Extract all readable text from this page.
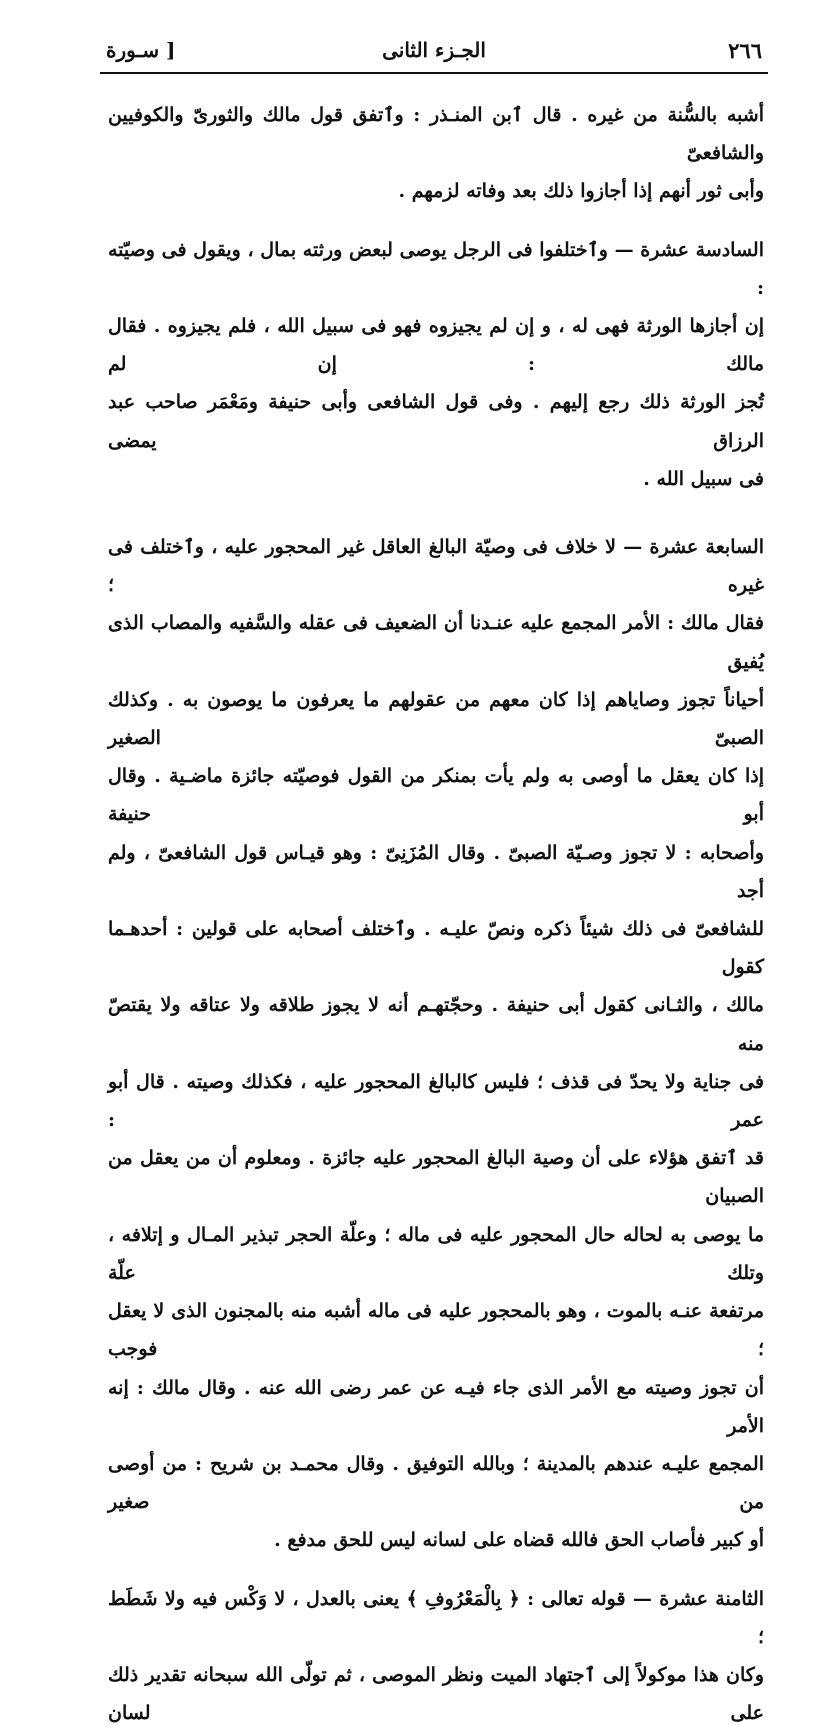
٢٦٦
الجـزء الثانى
[ سـورة

أشبه بالسُّنة من غيره . قال ٱبن المنـذر : وٱتفق قول مالك والثورىّ والكوفيين والشافعىّ
وأبى ثور أنهم إذا أجازوا ذلك بعد وفاته لزمهم .

السادسة عشرة — وٱختلفوا فى الرجل يوصى لبعض ورثته بمال ، ويقول فى وصيّته :
إن أجازها الورثة فهى له ، و إن لم يجيزوه فهو فى سبيل الله ، فلم يجيزوه . فقال مالك : إن لم
تُجز الورثة ذلك رجع إليهم . وفى قول الشافعى وأبى حنيفة ومَعْمَر صاحب عبد الرزاق يمضى
فى سبيل الله .

السابعة عشرة — لا خلاف فى وصيّة البالغ العاقل غير المحجور عليه ، وٱختلف فى غيره ؛
فقال مالك : الأمر المجمع عليه عنـدنا أن الضعيف فى عقله والسَّفيه والمصاب الذى يُفيق
أحياناً تجوز وصاياهم إذا كان معهم من عقولهم ما يعرفون ما يوصون به . وكذلك الصبىّ الصغير
إذا كان يعقل ما أوصى به ولم يأت بمنكر من القول فوصيّته جائزة ماضـية . وقال أبو حنيفة
وأصحابه : لا تجوز وصـيّة الصبىّ . وقال المُزَنِىّ : وهو قيـاس قول الشافعىّ ، ولم أجد
للشافعىّ فى ذلك شيئاً ذكره ونصّ عليـه . وٱختلف أصحابه على قولين : أحدهـما كقول
مالك ، والثـانى كقول أبى حنيفة . وحجّتهـم أنه لا يجوز طلاقه ولا عتاقه ولا يقتصّ منه
فى جناية ولا يحدّ فى قذف ؛ فليس كالبالغ المحجور عليه ، فكذلك وصيته . قال أبو عمر :
قد ٱتفق هؤلاء على أن وصية البالغ المحجور عليه جائزة . ومعلوم أن من يعقل من الصبيان
ما يوصى به لحاله حال المحجور عليه فى ماله ؛ وعلّة الحجر تبذير المـال و إتلافه ، وتلك علّة
مرتفعة عنـه بالموت ، وهو بالمحجور عليه فى ماله أشبه منه بالمجنون الذى لا يعقل ؛ فوجب
أن تجوز وصيته مع الأمر الذى جاء فيـه عن عمر رضى الله عنه . وقال مالك : إنه الأمر
المجمع عليـه عندهم بالمدينة ؛ وبالله التوفيق . وقال محمـد بن شريح : من أوصى من صغير
أو كبير فأصاب الحق فالله قضاه على لسانه ليس للحق مدفع .

الثامنة عشرة — قوله تعالى : ﴿ بِالْمَعْرُوفِ ﴾ يعنى بالعدل ، لا وَكْس فيه ولا شَطَط ؛
وكان هذا موكولاً إلى ٱجتهاد الميت ونظر الموصى ، ثم تولّى الله سبحانه تقدير ذلك على لسان
